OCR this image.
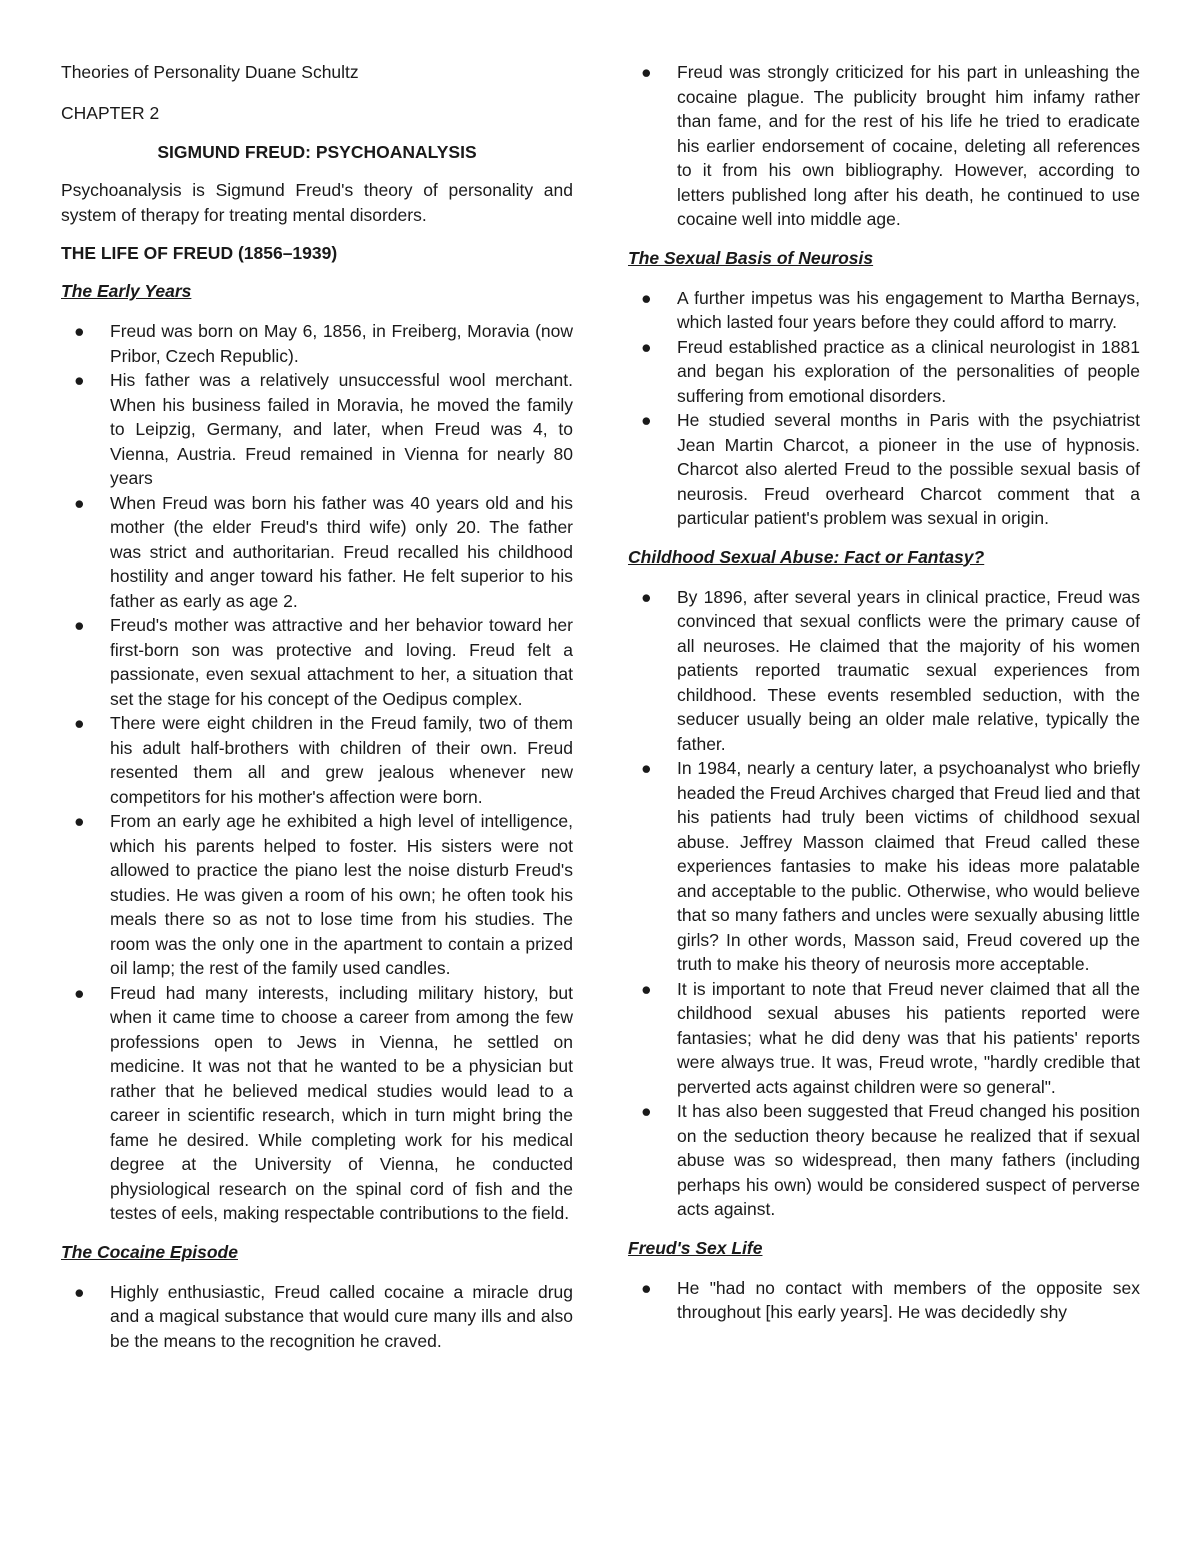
Theories of Personality Duane Schultz

CHAPTER 2

SIGMUND FREUD: PSYCHOANALYSIS

Psychoanalysis is Sigmund Freud's theory of personality and system of therapy for treating mental disorders.

THE LIFE OF FREUD (1856–1939)

The Early Years

● Freud was born on May 6, 1856, in Freiberg, Moravia (now Pribor, Czech Republic).
● His father was a relatively unsuccessful wool merchant. When his business failed in Moravia, he moved the family to Leipzig, Germany, and later, when Freud was 4, to Vienna, Austria. Freud remained in Vienna for nearly 80 years
● When Freud was born his father was 40 years old and his mother (the elder Freud's third wife) only 20. The father was strict and authoritarian. Freud recalled his childhood hostility and anger toward his father. He felt superior to his father as early as age 2.
● Freud's mother was attractive and her behavior toward her first-born son was protective and loving. Freud felt a passionate, even sexual attachment to her, a situation that set the stage for his concept of the Oedipus complex.
● There were eight children in the Freud family, two of them his adult half-brothers with children of their own. Freud resented them all and grew jealous whenever new competitors for his mother's affection were born.
● From an early age he exhibited a high level of intelligence, which his parents helped to foster. His sisters were not allowed to practice the piano lest the noise disturb Freud's studies. He was given a room of his own; he often took his meals there so as not to lose time from his studies. The room was the only one in the apartment to contain a prized oil lamp; the rest of the family used candles.
● Freud had many interests, including military history, but when it came time to choose a career from among the few professions open to Jews in Vienna, he settled on medicine. It was not that he wanted to be a physician but rather that he believed medical studies would lead to a career in scientific research, which in turn might bring the fame he desired. While completing work for his medical degree at the University of Vienna, he conducted physiological research on the spinal cord of fish and the testes of eels, making respectable contributions to the field.

The Cocaine Episode

● Highly enthusiastic, Freud called cocaine a miracle drug and a magical substance that would cure many ills and also be the means to the recognition he craved.
● Freud was strongly criticized for his part in unleashing the cocaine plague. The publicity brought him infamy rather than fame, and for the rest of his life he tried to eradicate his earlier endorsement of cocaine, deleting all references to it from his own bibliography. However, according to letters published long after his death, he continued to use cocaine well into middle age.

The Sexual Basis of Neurosis

● A further impetus was his engagement to Martha Bernays, which lasted four years before they could afford to marry.
● Freud established practice as a clinical neurologist in 1881 and began his exploration of the personalities of people suffering from emotional disorders.
● He studied several months in Paris with the psychiatrist Jean Martin Charcot, a pioneer in the use of hypnosis. Charcot also alerted Freud to the possible sexual basis of neurosis. Freud overheard Charcot comment that a particular patient's problem was sexual in origin.

Childhood Sexual Abuse: Fact or Fantasy?

● By 1896, after several years in clinical practice, Freud was convinced that sexual conflicts were the primary cause of all neuroses. He claimed that the majority of his women patients reported traumatic sexual experiences from childhood. These events resembled seduction, with the seducer usually being an older male relative, typically the father.
● In 1984, nearly a century later, a psychoanalyst who briefly headed the Freud Archives charged that Freud lied and that his patients had truly been victims of childhood sexual abuse. Jeffrey Masson claimed that Freud called these experiences fantasies to make his ideas more palatable and acceptable to the public. Otherwise, who would believe that so many fathers and uncles were sexually abusing little girls? In other words, Masson said, Freud covered up the truth to make his theory of neurosis more acceptable.
● It is important to note that Freud never claimed that all the childhood sexual abuses his patients reported were fantasies; what he did deny was that his patients' reports were always true. It was, Freud wrote, "hardly credible that perverted acts against children were so general".
● It has also been suggested that Freud changed his position on the seduction theory because he realized that if sexual abuse was so widespread, then many fathers (including perhaps his own) would be considered suspect of perverse acts against.

Freud's Sex Life

● He "had no contact with members of the opposite sex throughout [his early years]. He was decidedly shy
